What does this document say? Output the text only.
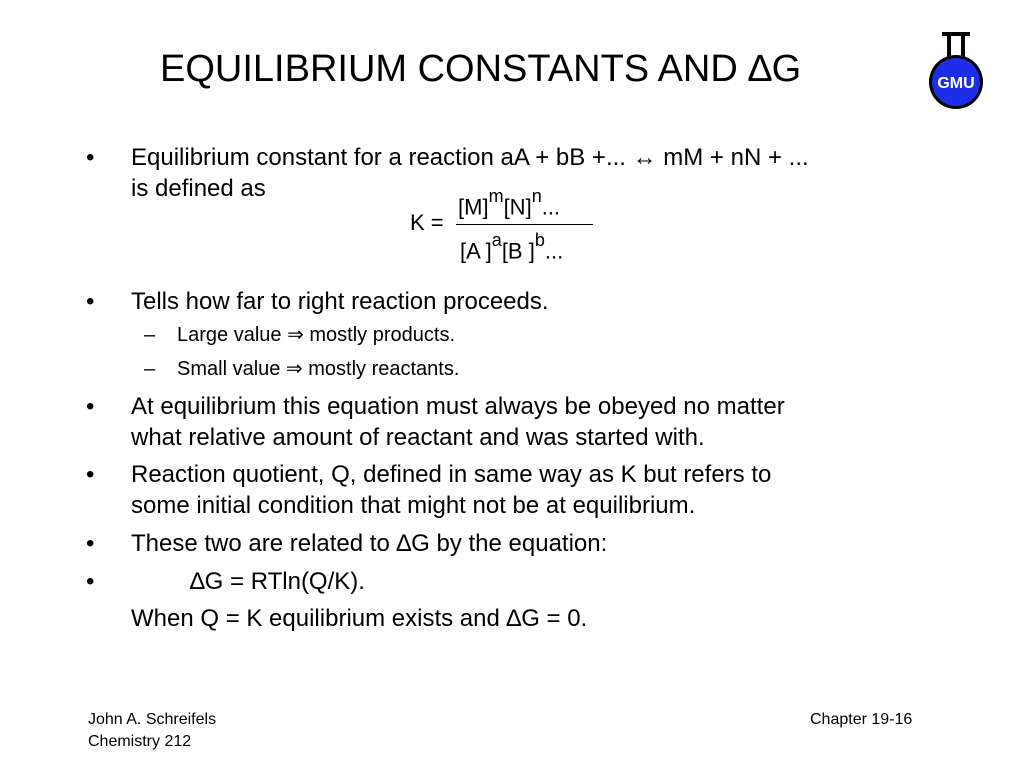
EQUILIBRIUM CONSTANTS AND ∆G	GMU
•	Equilibrium constant for a reaction aA + bB +... ↔ mM + nN + ...
is defined as
K =
$[M]^m[N]^n$...
[A ]$^a$[B ]$^b$...
•	Tells how far to right reaction proceeds.
– Large value ⇒ mostly products.
– Small value ⇒ mostly reactants.
•	At equilibrium this equation must always be obeyed no matter
what relative amount of reactant and was started with.
•	Reaction quotient, Q, defined in same way as K but refers to
some initial condition that might not be at equilibrium.
•	These two are related to ∆G by the equation:
•	∆G = RTln(Q/K).
When Q = K equilibrium exists and ∆G = 0.
John A. Schreifels
Chemistry 212
Chapter 19-16
